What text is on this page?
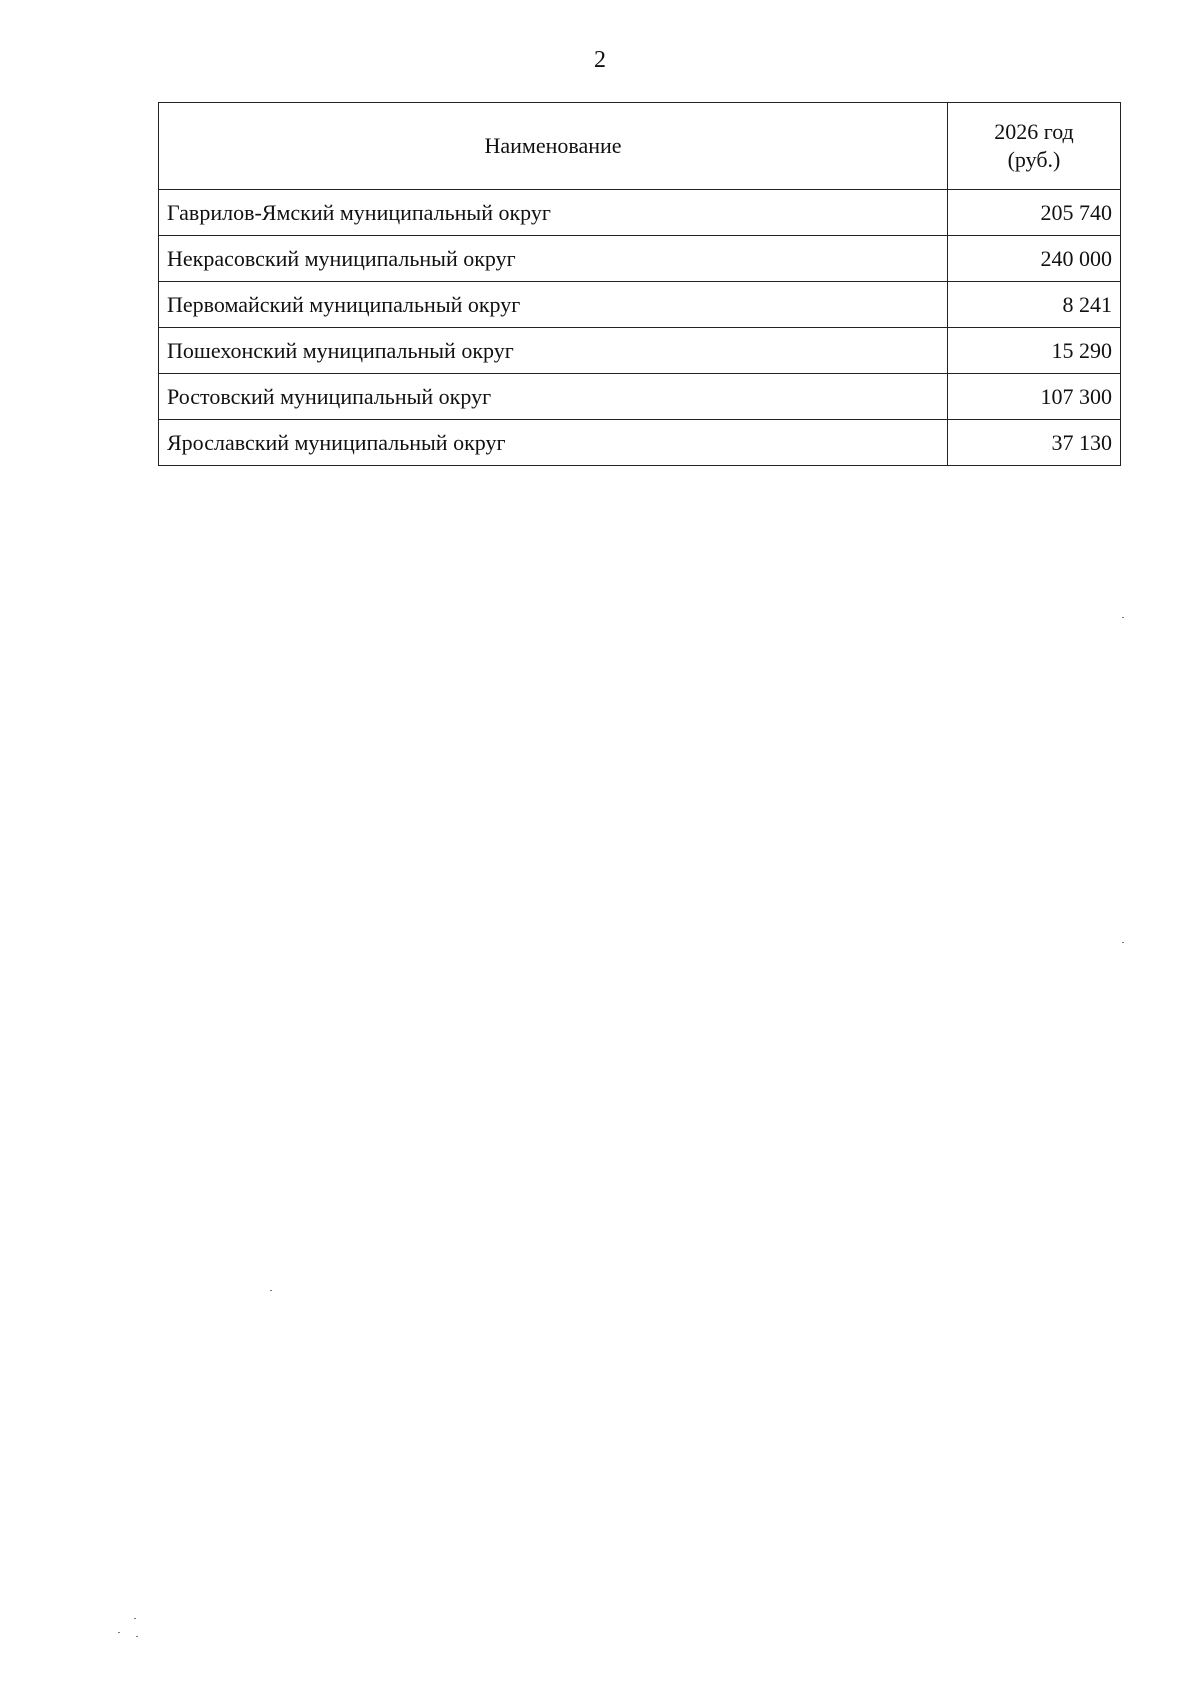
2
Наименование	2026 год
(руб.)

Гаврилов-Ямский муниципальный округ	205 740
Некрасовский муниципальный округ	240 000
Первомайский муниципальный округ	8 241
Пошехонский муниципальный округ	15 290
Ростовский муниципальный округ	107 300
Ярославский муниципальный округ	37 130
